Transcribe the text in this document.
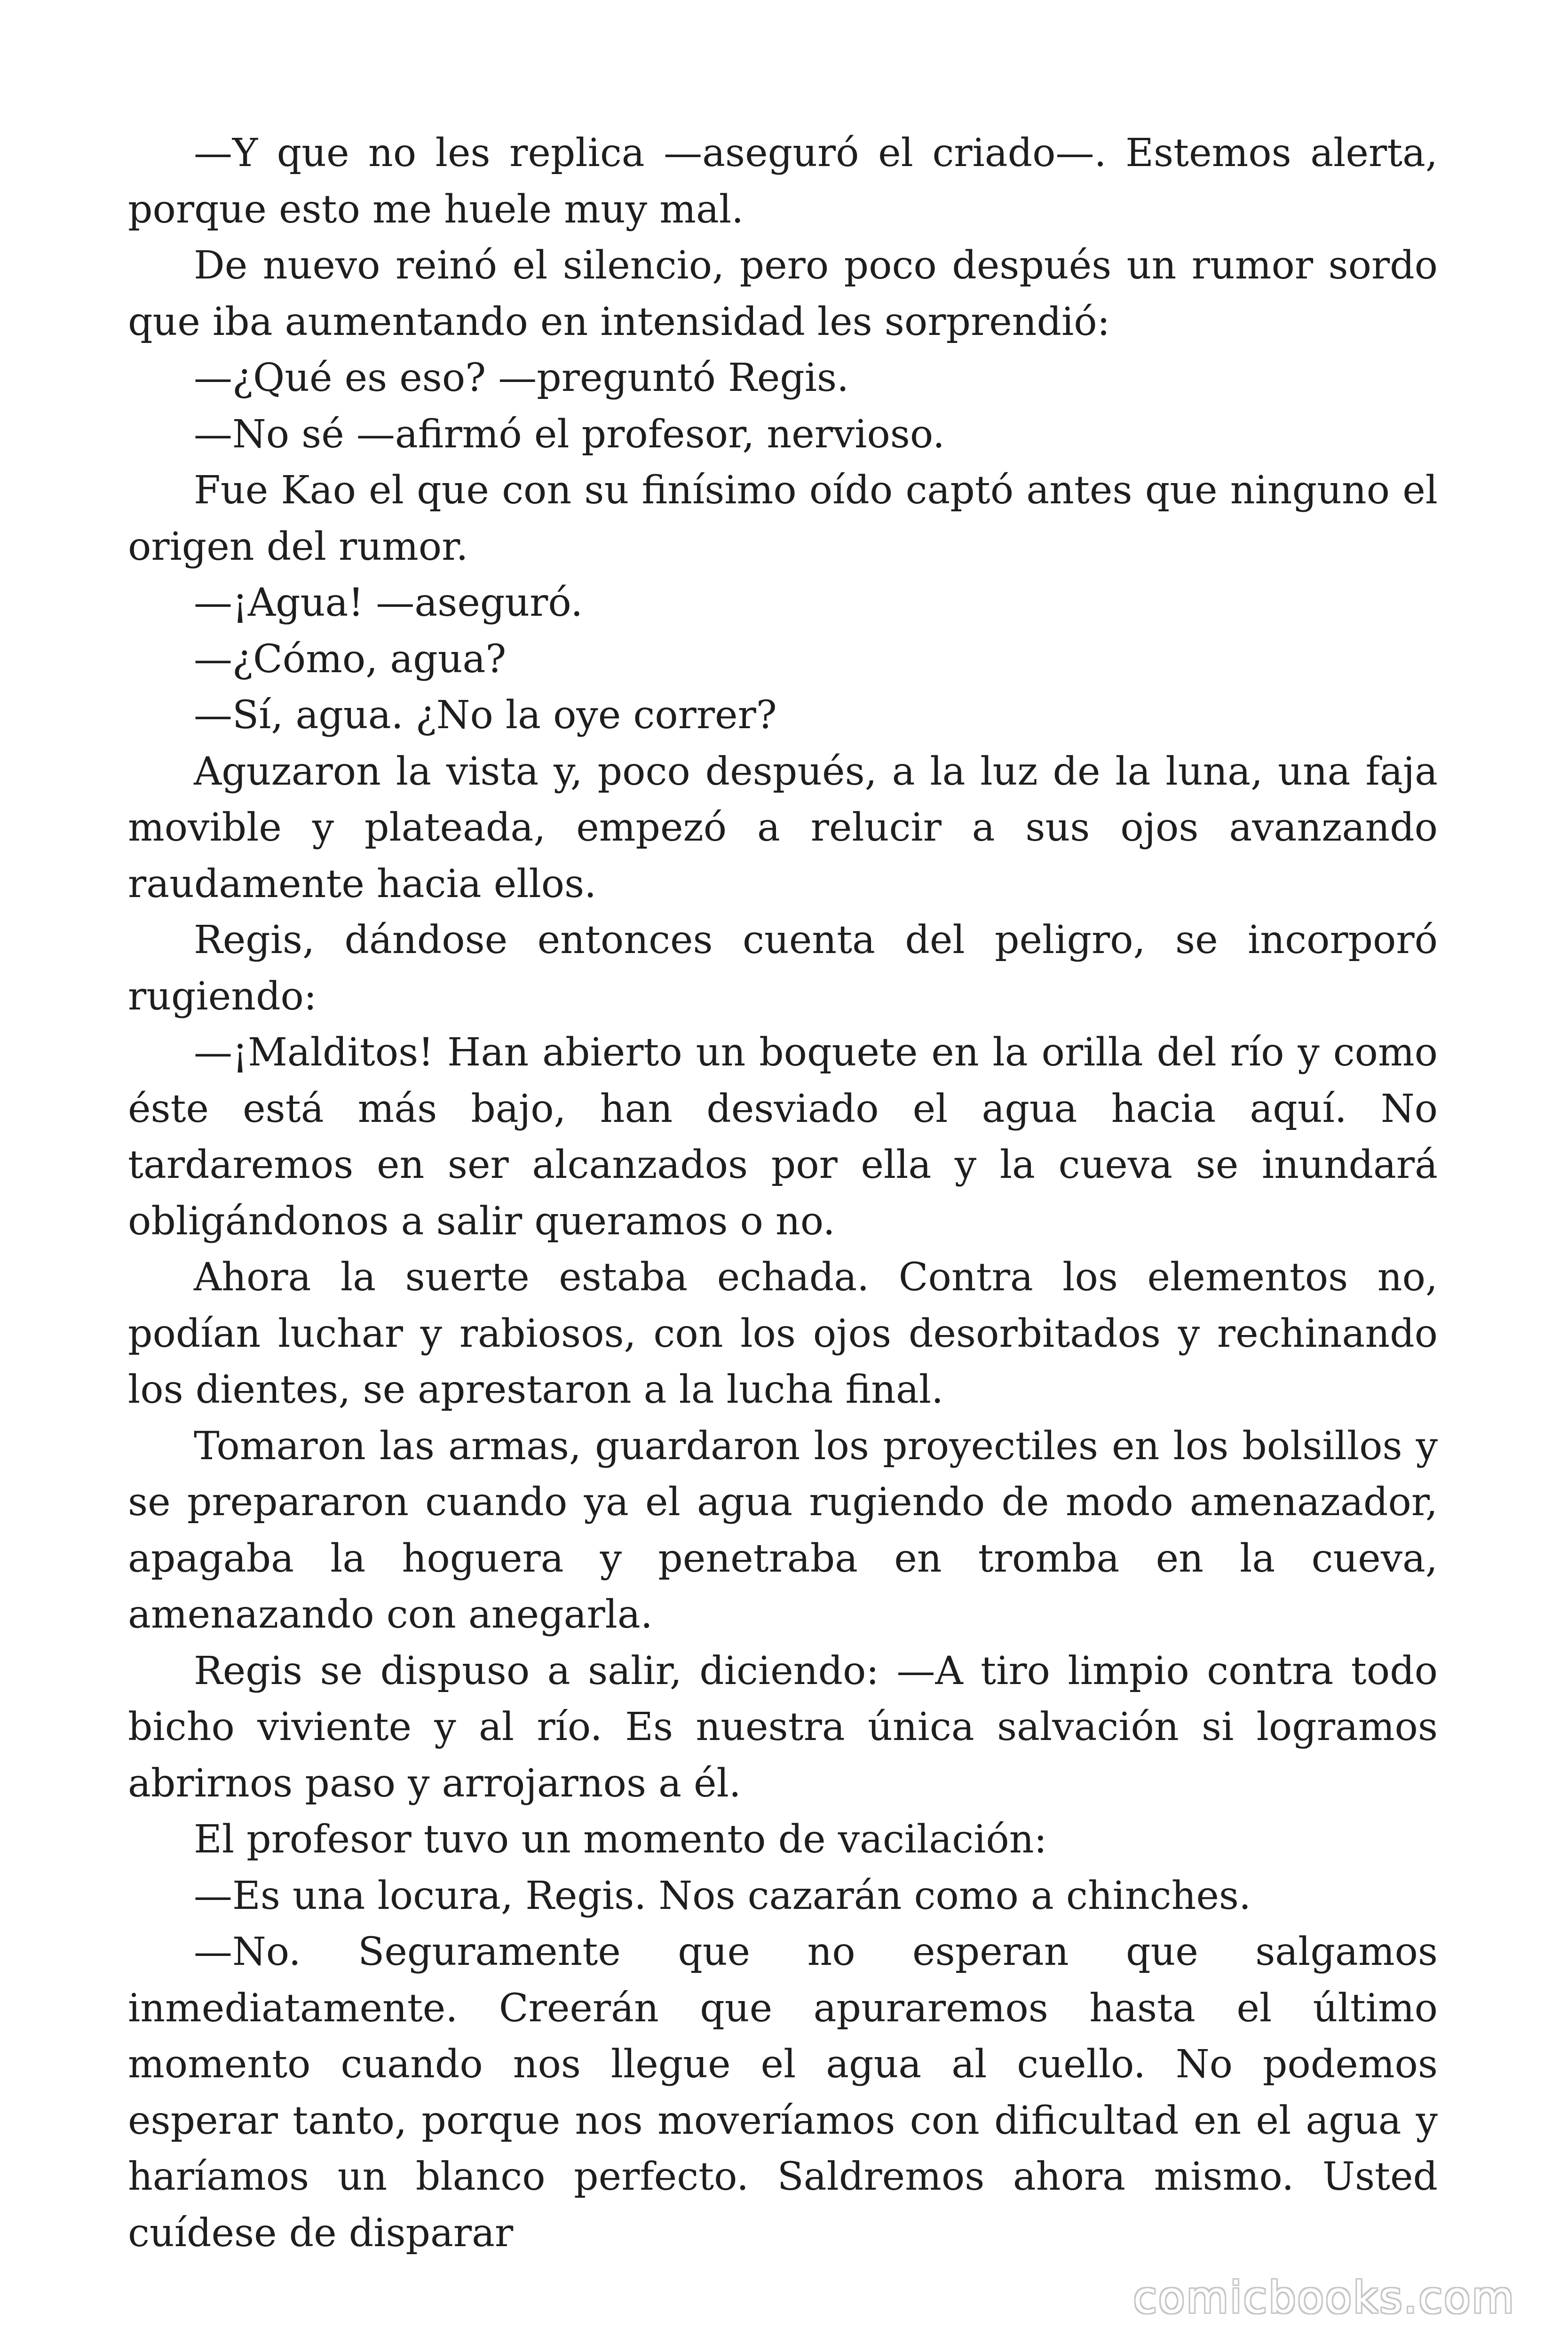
—Y que no les replica —aseguró el criado—. Estemos alerta, porque esto me huele muy mal.

De nuevo reinó el silencio, pero poco después un rumor sordo que iba aumentando en intensidad les sorprendió:

—¿Qué es eso? —preguntó Regis.

—No sé —afirmó el profesor, nervioso.

Fue Kao el que con su finísimo oído captó antes que ninguno el origen del rumor.

—¡Agua! —aseguró.

—¿Cómo, agua?

—Sí, agua. ¿No la oye correr?

Aguzaron la vista y, poco después, a la luz de la luna, una faja movible y plateada, empezó a relucir a sus ojos avanzando raudamente hacia ellos.

Regis, dándose entonces cuenta del peligro, se incorporó rugiendo:

—¡Malditos! Han abierto un boquete en la orilla del río y como éste está más bajo, han desviado el agua hacia aquí. No tardaremos en ser alcanzados por ella y la cueva se inundará obligándonos a salir queramos o no.

Ahora la suerte estaba echada. Contra los elementos no, podían luchar y rabiosos, con los ojos desorbitados y rechinando los dientes, se aprestaron a la lucha final.

Tomaron las armas, guardaron los proyectiles en los bolsillos y se prepararon cuando ya el agua rugiendo de modo amenazador, apagaba la hoguera y penetraba en tromba en la cueva, amenazando con anegarla.

Regis se dispuso a salir, diciendo: —A tiro limpio contra todo bicho viviente y al río. Es nuestra única salvación si logramos abrirnos paso y arrojarnos a él.

El profesor tuvo un momento de vacilación:

—Es una locura, Regis. Nos cazarán como a chinches.

—No. Seguramente que no esperan que salgamos inmediatamente. Creerán que apuraremos hasta el último momento cuando nos llegue el agua al cuello. No podemos esperar tanto, porque nos moveríamos con dificultad en el agua y haríamos un blanco perfecto. Saldremos ahora mismo. Usted cuídese de disparar

comicbooks.com
